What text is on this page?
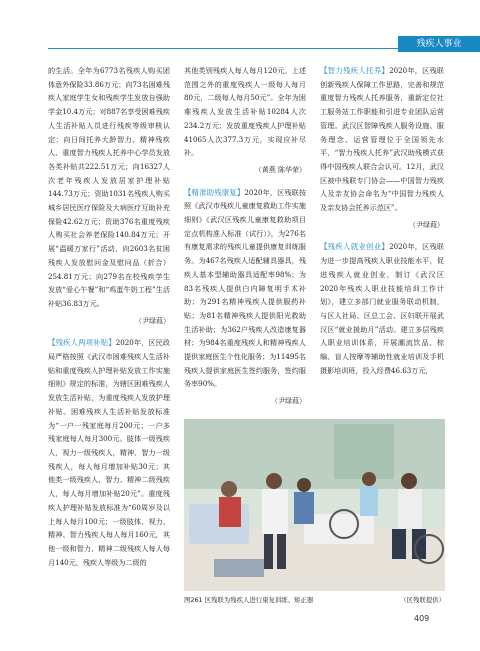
残疾人事业

的生活。全年为6773名残疾人购买团体意外保险33.86万元；向73名困难残疾人家庭学生女和残疾学生发放自强助学金10.4万元；对887名享受困难残疾人生活补贴人员进行残疾等级审核认定；向日间托养大龄智力、精神残疾人、重度智力残疾人托养中心学员发放各类补贴共222.51万元；向16327人次老年残疾人发放居家护理补贴144.73万元；资助1031名残疾人购买城乡居民医疗保险及大病医疗互助补充保险42.62万元；资助376名重度残疾人购买社会养老保险140.84万元；开展“温暖万家行”活动，向2603名贫困残疾人发放慰问金及慰问品（折合）254.81万元；向279名在校残疾学生发放“爱心午餐”和“鸡蛋牛奶工程”生活补贴36.83万元。

（尹绿葭）

【残疾人两项补贴】2020年，区民政局严格按照《武汉市困难残疾人生活补贴和重度残疾人护理补贴发放工作实施细则》规定的标准，为辖区困难残疾人发放生活补贴，为重度残疾人发放护理补贴。困难残疾人生活补贴发放标准为“一户一残家庭每月200元；一户多残家庭每人每月300元。肢体一级残疾人，视力一级残疾人，精神、智力一级残疾人，每人每月增加补贴30元；其他类一级残疾人，智力、精神二级残疾人，每人每月增加补贴20元”。重度残疾人护理补贴发放标准为“60周岁及以上每人每月100元；一级肢体、视力、精神、智力残疾人每人每月160元，其他一级和智力、精神二级残疾人每人每月140元，残疾人等级为二级的

其他类别残疾人每人每月120元。上述范围之外的重度残疾人一级每人每月80元，二级每人每月50元”。全年为困难残疾人发放生活补贴10284人次234.2万元；发放重度残疾人护理补贴41065人次377.3万元，实现应补尽补。

（黄燕 陈华荣）

【精准助残康复】2020年，区残联按照《武汉市残疾儿童康复救助工作实施细则》《武汉区残疾儿童康复救助项目定点机构准入标准（试行）》，为276名有康复需求的残疾儿童提供康复训练服务。为467名残疾人适配辅具器具，残疾人基本型辅助器具适配率98%；为83名残疾人提供白内障复明手术补助；为291名精神残疾人提供服药补贴；为81名精神残疾人提供阳光救助生活补助；为362户残疾人改造康复器材；为984名重度残疾人和精神残疾人提供家庭医生个性化服务；为11495名残疾人提供家庭医生签约服务，签约服务率90%。

（尹绿葭）

【智力残疾人托养】2020年，区残联创新残疾人保障工作思路，完善和规范重度智力残疾人托养服务，重新定位社工服务站工作职能和引进专业团队运营管理。武汉区智障残疾人服务设施、服务理念、运营管理位于全国领先水平，“智力残疾人托养”武汉助残模式获得中国残疾人联合会认可。12月，武汉区被中残联专门协会——中国智力残疾人及亲友协会命名为“中国智力残疾人及亲友协会托养示范区”。

（尹绿葭）

【残疾人就业创业】2020年，区残联为进一步提高残疾人职业技能水平，促进残疾人就业创业，制订《武汉区2020年残疾人职业技能培训工作计划》，建立多部门就业服务联动机制，与区人社局、区总工会、区妇联开展武汉区“就业援助月”活动。建立多层残疾人职业培训体系，开展潮流饮品、棕编、盲人按摩等辅助性就业培训及手机摄影培训班，投入经费46.63万元，

图261 区残联为残疾人进行康复训练、矫正器	（区残联提供）
409
